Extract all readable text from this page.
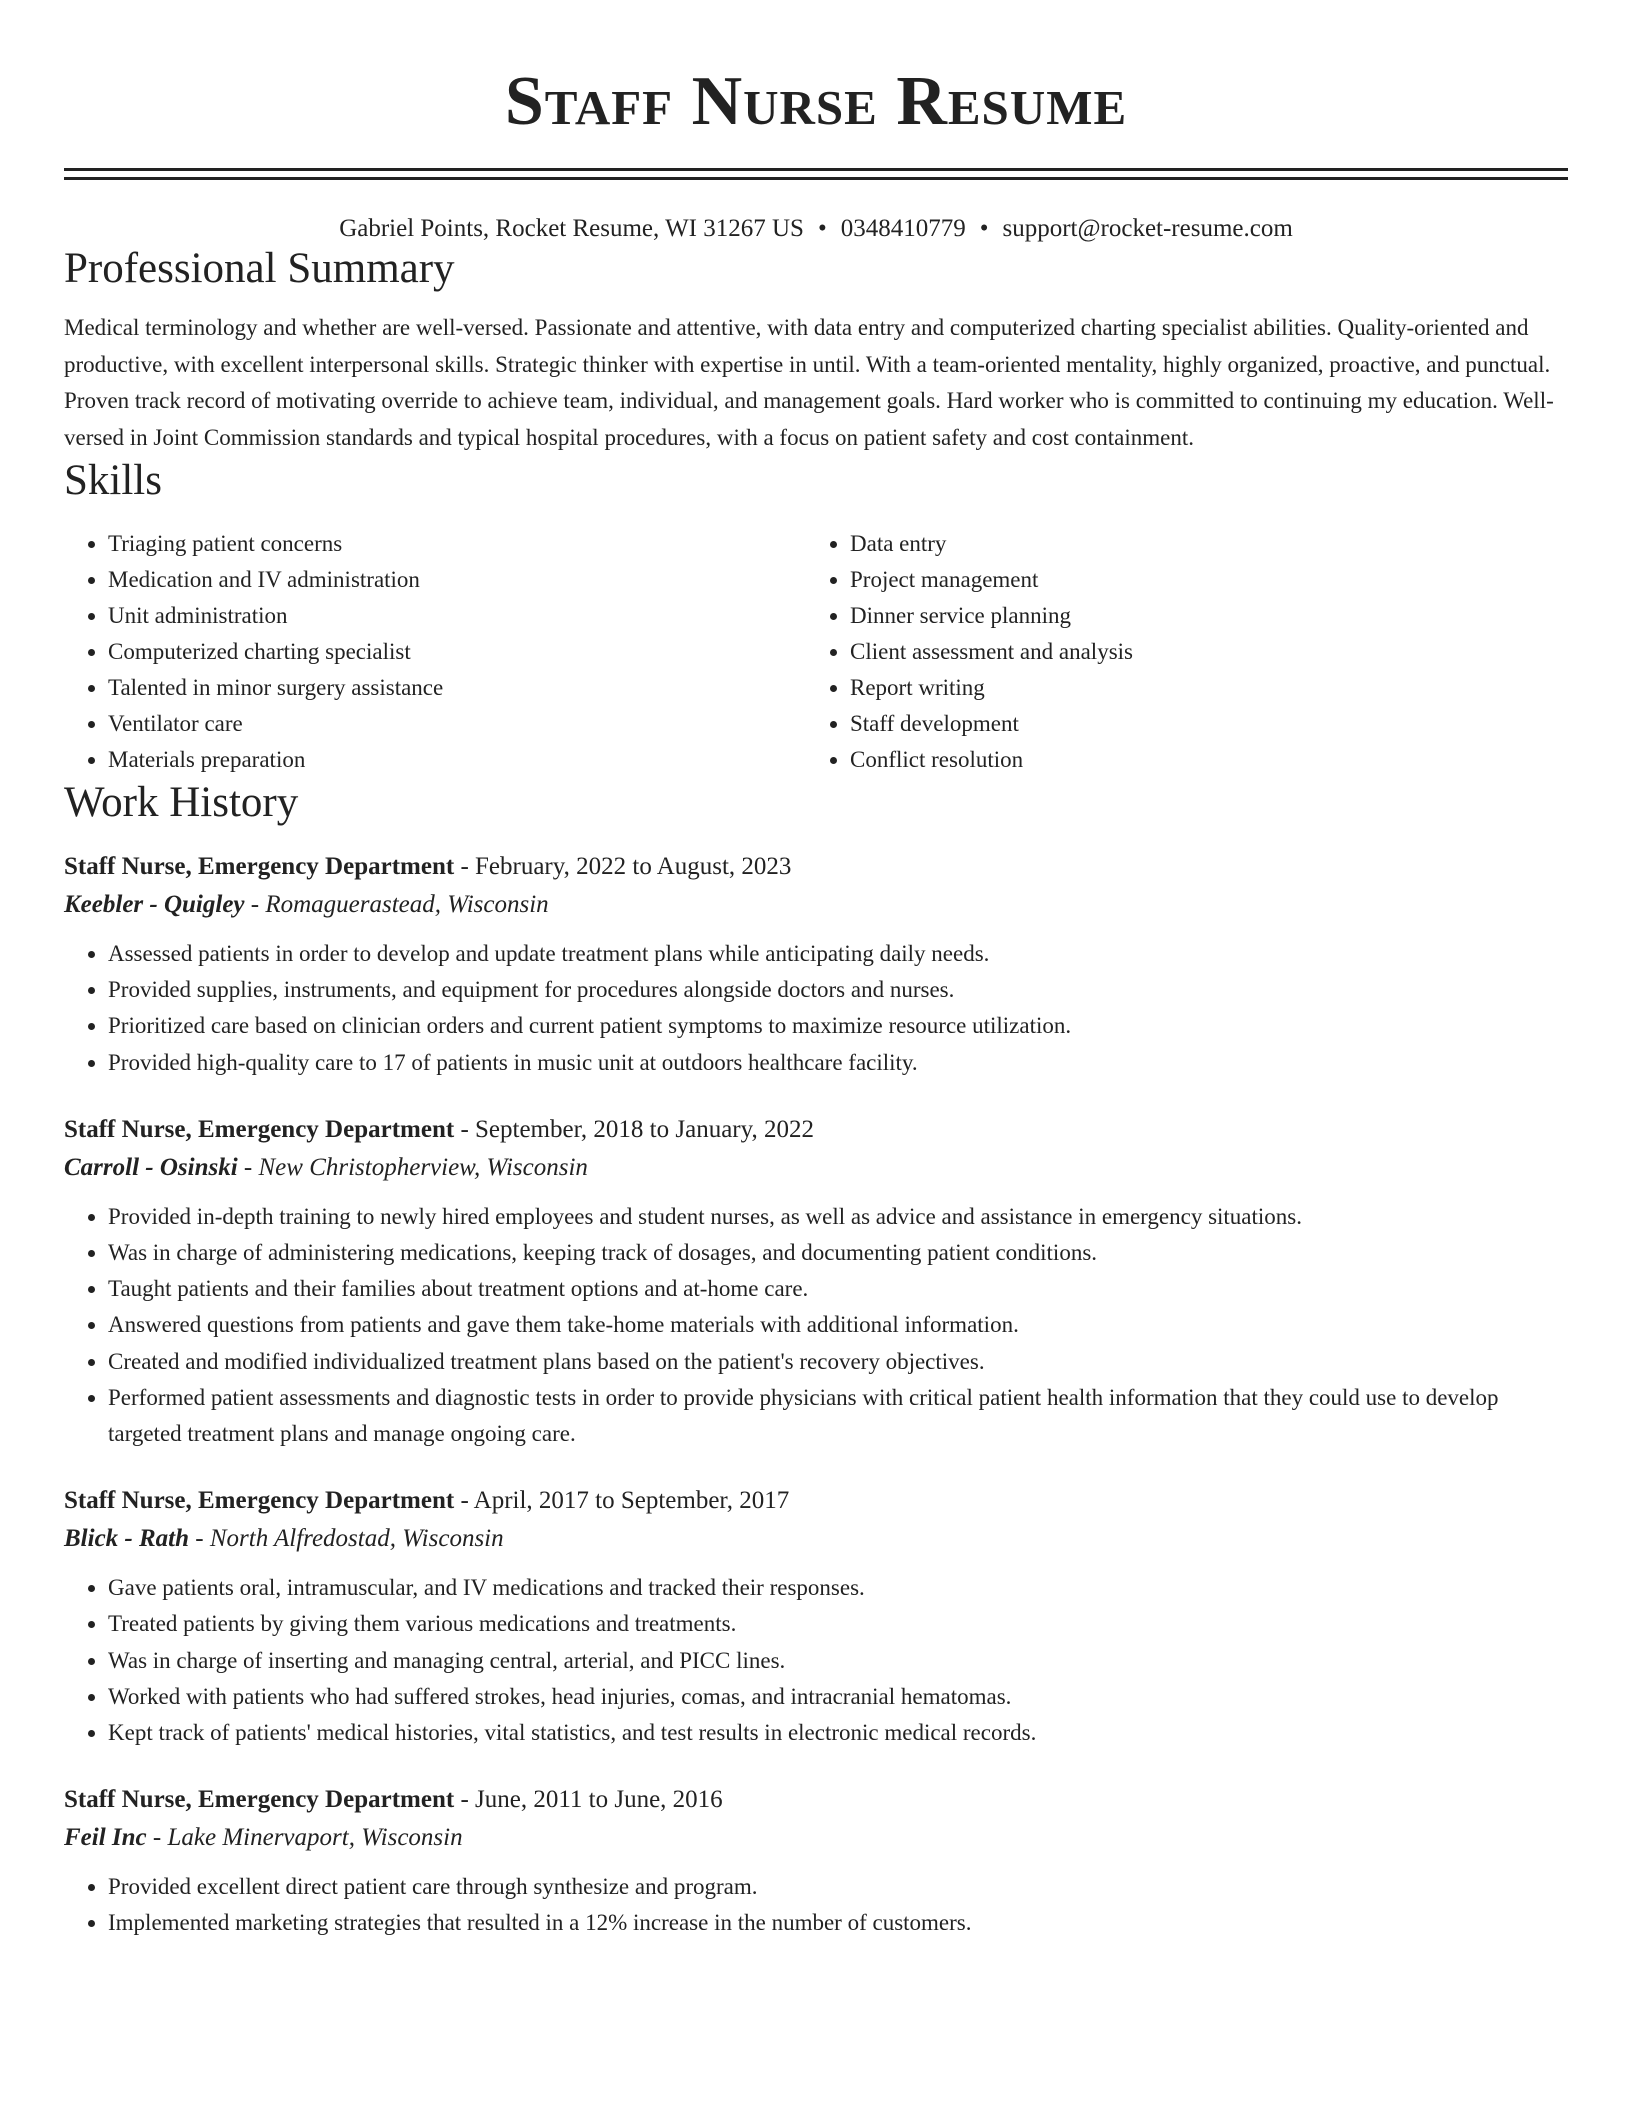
Staff Nurse Resume
Gabriel Points, Rocket Resume, WI 31267 US • 0348410779 • support@rocket-resume.com
Professional Summary

Medical terminology and whether are well-versed. Passionate and attentive, with data entry and computerized charting specialist abilities. Quality-oriented and productive, with excellent interpersonal skills. Strategic thinker with expertise in until. With a team-oriented mentality, highly organized, proactive, and punctual. Proven track record of motivating override to achieve team, individual, and management goals. Hard worker who is committed to continuing my education. Well-versed in Joint Commission standards and typical hospital procedures, with a focus on patient safety and cost containment.

Skills
• Triaging patient concerns
• Medication and IV administration
• Unit administration
• Computerized charting specialist
• Talented in minor surgery assistance
• Ventilator care
• Materials preparation
• Data entry
• Project management
• Dinner service planning
• Client assessment and analysis
• Report writing
• Staff development
• Conflict resolution
Work History
Staff Nurse, Emergency Department - February, 2022 to August, 2023
Keebler - Quigley - Romaguerastead, Wisconsin
• Assessed patients in order to develop and update treatment plans while anticipating daily needs.
• Provided supplies, instruments, and equipment for procedures alongside doctors and nurses.
• Prioritized care based on clinician orders and current patient symptoms to maximize resource utilization.
• Provided high-quality care to 17 of patients in music unit at outdoors healthcare facility.
Staff Nurse, Emergency Department - September, 2018 to January, 2022
Carroll - Osinski - New Christopherview, Wisconsin
• Provided in-depth training to newly hired employees and student nurses, as well as advice and assistance in emergency situations.
• Was in charge of administering medications, keeping track of dosages, and documenting patient conditions.
• Taught patients and their families about treatment options and at-home care.
• Answered questions from patients and gave them take-home materials with additional information.
• Created and modified individualized treatment plans based on the patient's recovery objectives.
• Performed patient assessments and diagnostic tests in order to provide physicians with critical patient health information that they could use to develop targeted treatment plans and manage ongoing care.
Staff Nurse, Emergency Department - April, 2017 to September, 2017
Blick - Rath - North Alfredostad, Wisconsin
• Gave patients oral, intramuscular, and IV medications and tracked their responses.
• Treated patients by giving them various medications and treatments.
• Was in charge of inserting and managing central, arterial, and PICC lines.
• Worked with patients who had suffered strokes, head injuries, comas, and intracranial hematomas.
• Kept track of patients' medical histories, vital statistics, and test results in electronic medical records.
Staff Nurse, Emergency Department - June, 2011 to June, 2016
Feil Inc - Lake Minervaport, Wisconsin
• Provided excellent direct patient care through synthesize and program.
• Implemented marketing strategies that resulted in a 12% increase in the number of customers.
